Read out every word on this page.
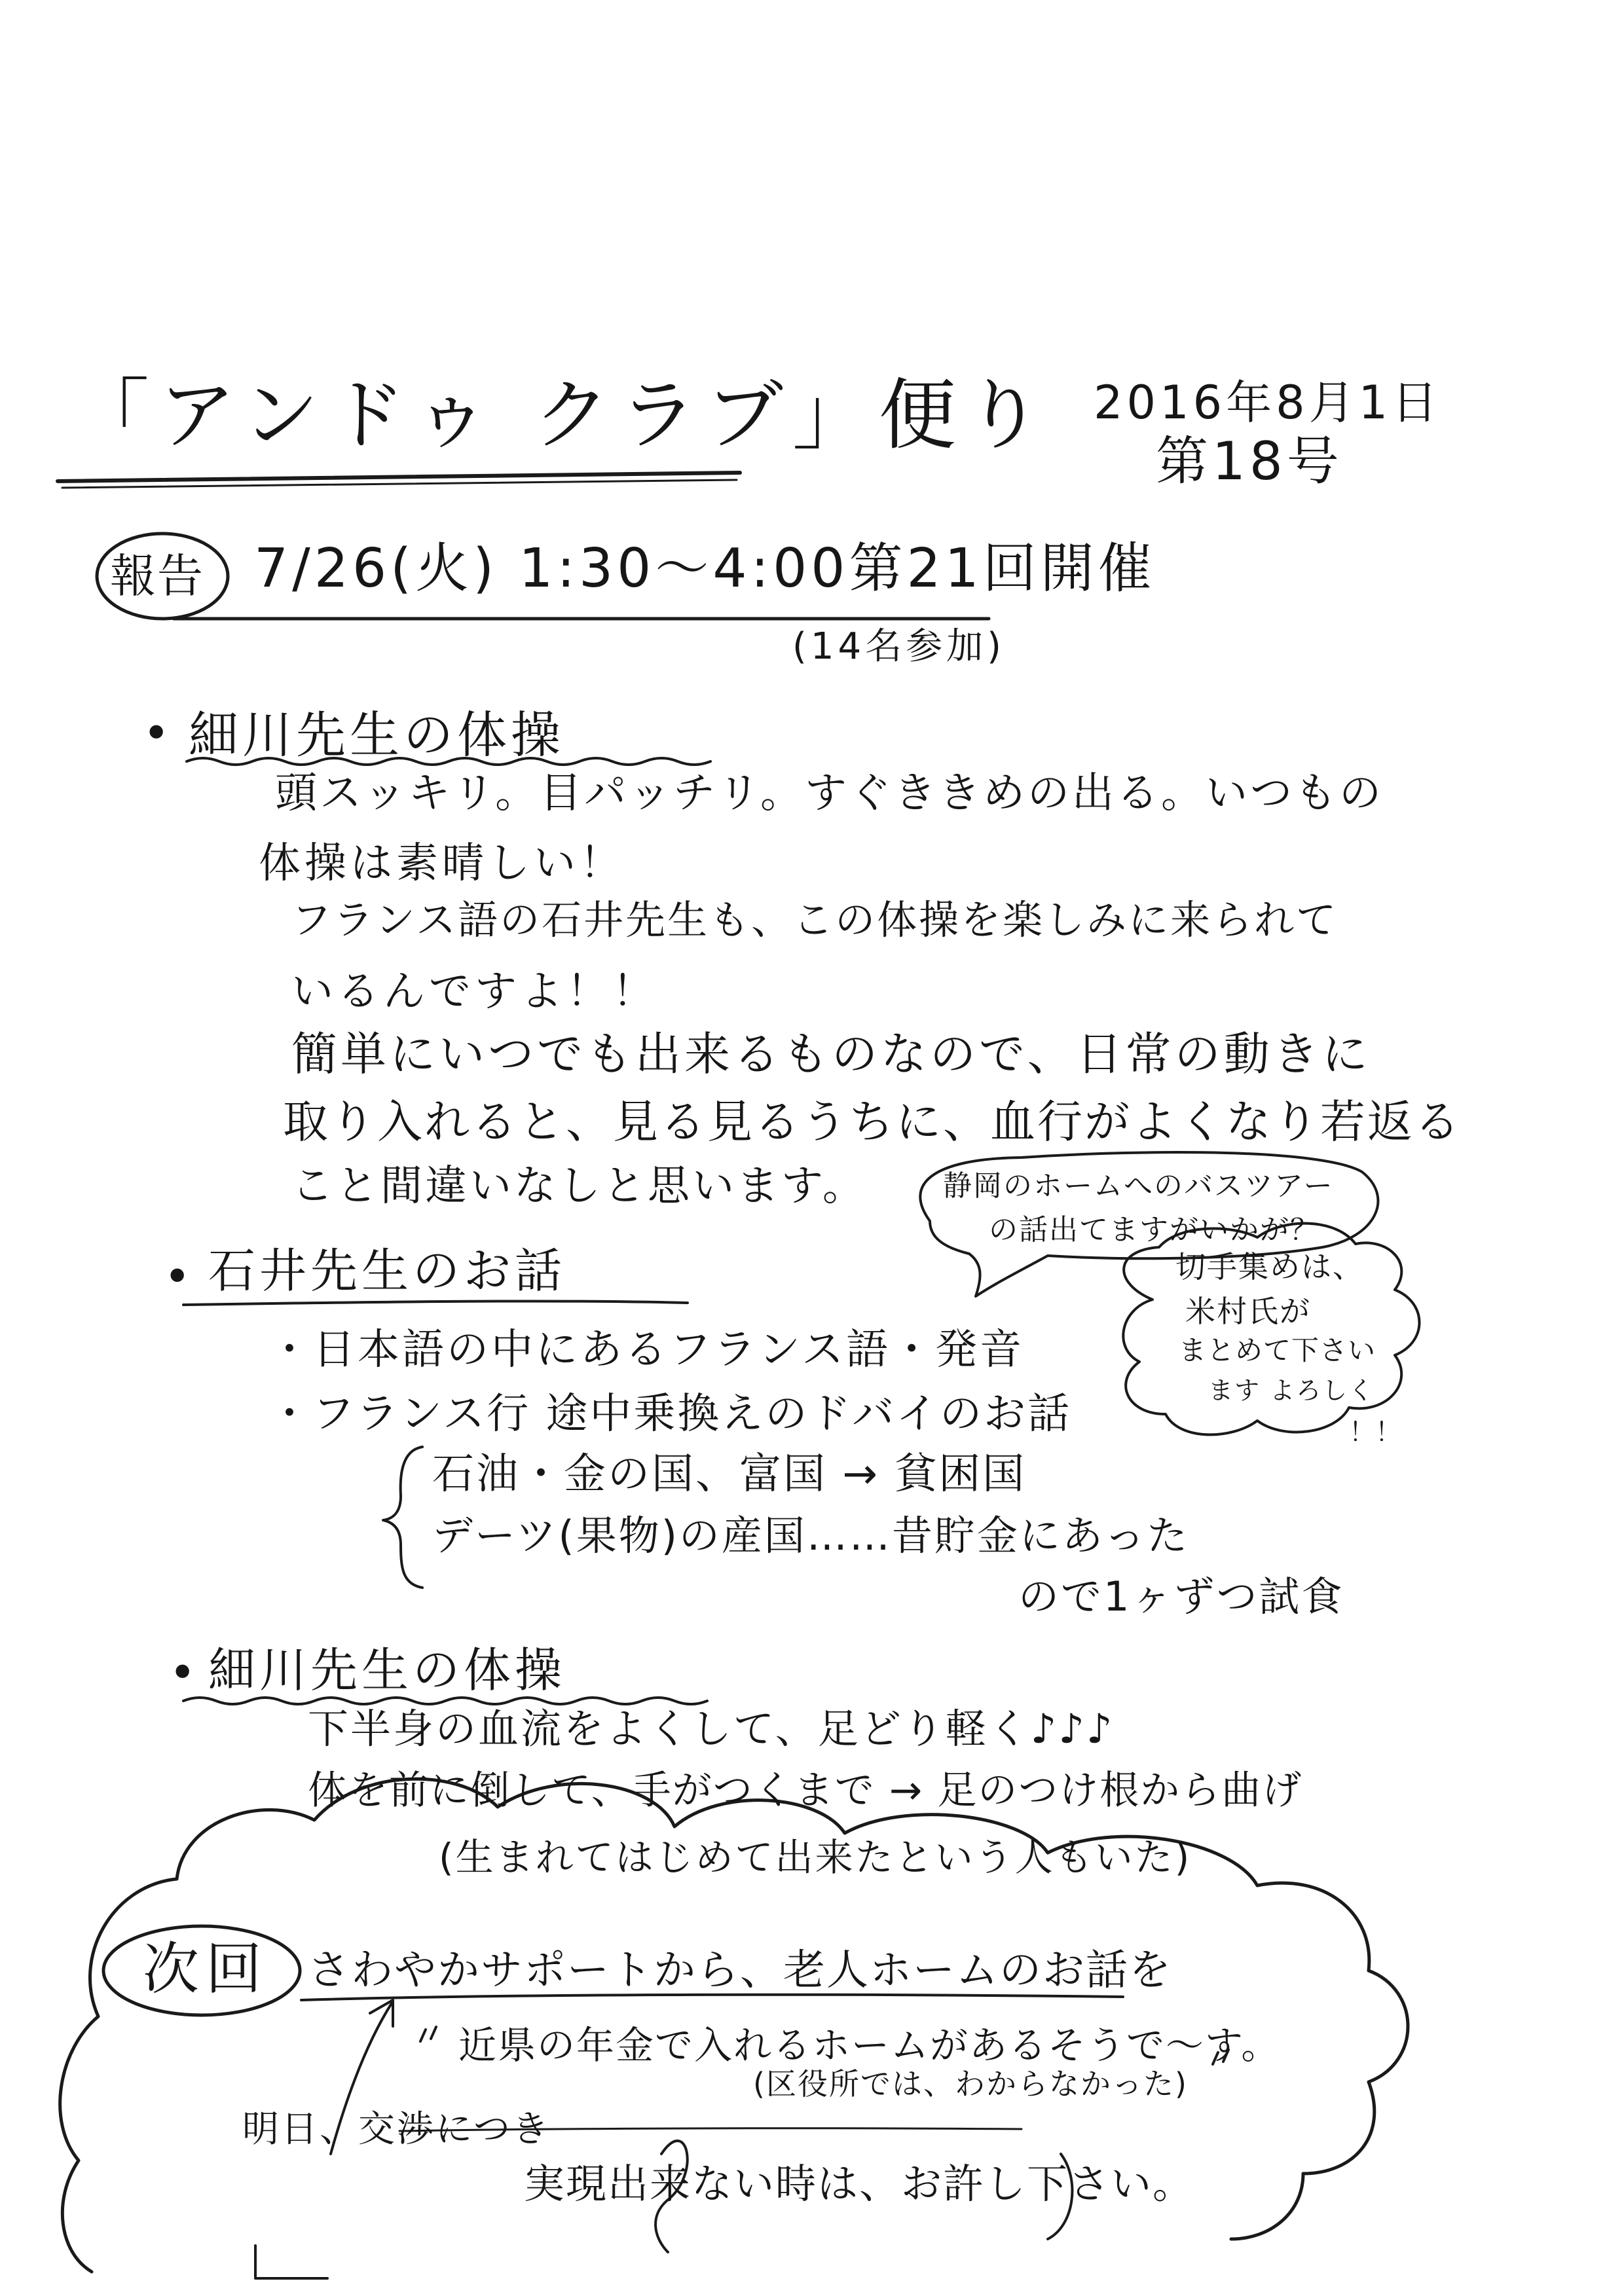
「アンドゥ クラブ」便り 2016年8月1日
第18号
報告 7/26(火) 1:30〜4:00第21回開催
(14名参加)
• 細川先生の体操
頭スッキリ。目パッチリ。すぐききめの出る。いつもの
体操は素晴しい！
フランス語の石井先生も、この体操を楽しみに来られて
いるんですよ！！
簡単にいつでも出来るものなので、日常の動きに
取り入れると、見る見るうちに、血行がよくなり若返る
こと間違いなしと思います。	静岡のホームへのバスツアー
の話出てますがいかが？
• 石井先生のお話
・日本語の中にあるフランス語・発音
・フランス行 途中乗換えのドバイのお話
石油・金の国、富国 → 貧困国
デーツ(果物)の産国……昔貯金にあった
ので1ヶずつ試食
切手集めは、
米村氏が
まとめて下さい
ます よろしく
！！
• 細川先生の体操
下半身の血流をよくして、足どり軽く♪♪♪
体を前に倒して、手がつくまで → 足のつけ根から曲げ
(生まれてはじめて出来たという人もいた)
次回 さわやかサポートから、老人ホームのお話を
近県の年金で入れるホームがあるそうで〜す。
(区役所では、わからなかった)
明日、交渉につき
実現出来ない時は、お許し下さい。
